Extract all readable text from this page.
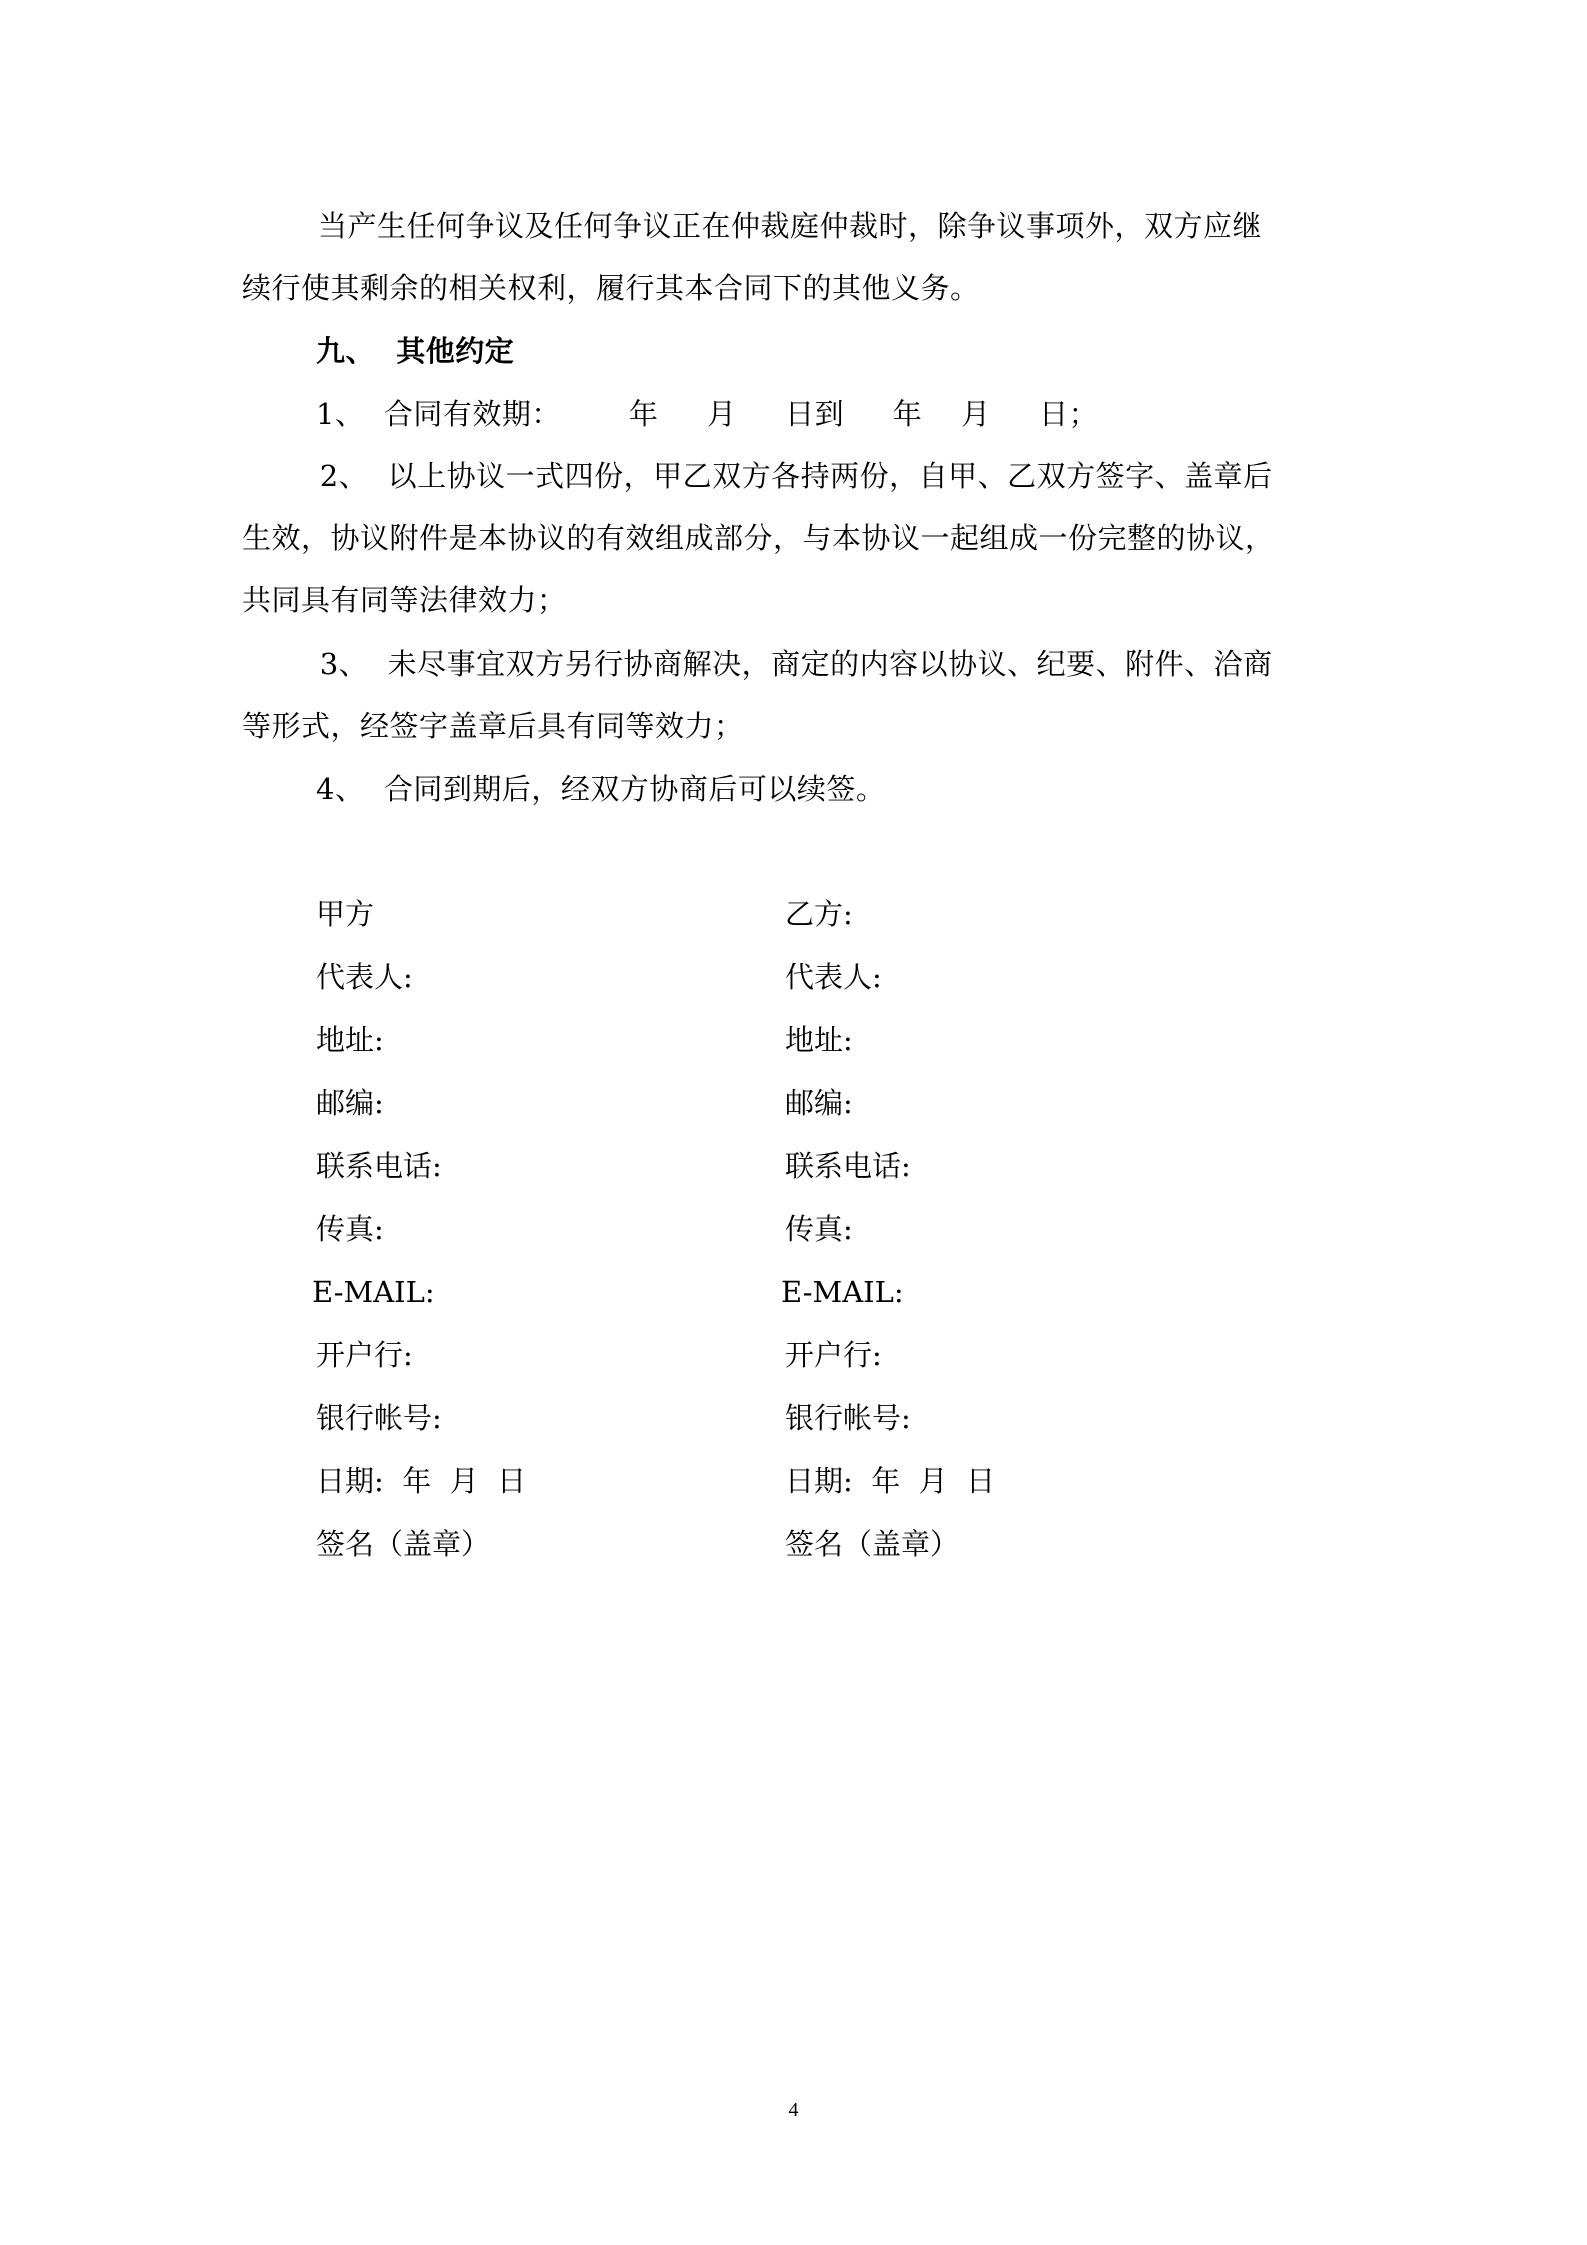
当产生任何争议及任何争议正在仲裁庭仲裁时，除争议事项外，双方应继
续行使其剩余的相关权利，履行其本合同下的其他义务。
九、  其他约定
1、  合同有效期：       年     月     日到     年    月     日；
2、  以上协议一式四份，甲乙双方各持两份，自甲、乙双方签字、盖章后
生效，协议附件是本协议的有效组成部分，与本协议一起组成一份完整的协议，
共同具有同等法律效力；
3、  未尽事宜双方另行协商解决，商定的内容以协议、纪要、附件、洽商
等形式，经签字盖章后具有同等效力；
4、  合同到期后，经双方协商后可以续签。
甲方
代表人:
地址:
邮编:
联系电话:
传真:
E-MAIL:
开户行:
银行帐号:
日期:  年  月  日
签名（盖章）
乙方:
代表人:
地址:
邮编:
联系电话:
传真:
E-MAIL:
开户行:
银行帐号:
日期:  年  月  日
签名（盖章）
4
